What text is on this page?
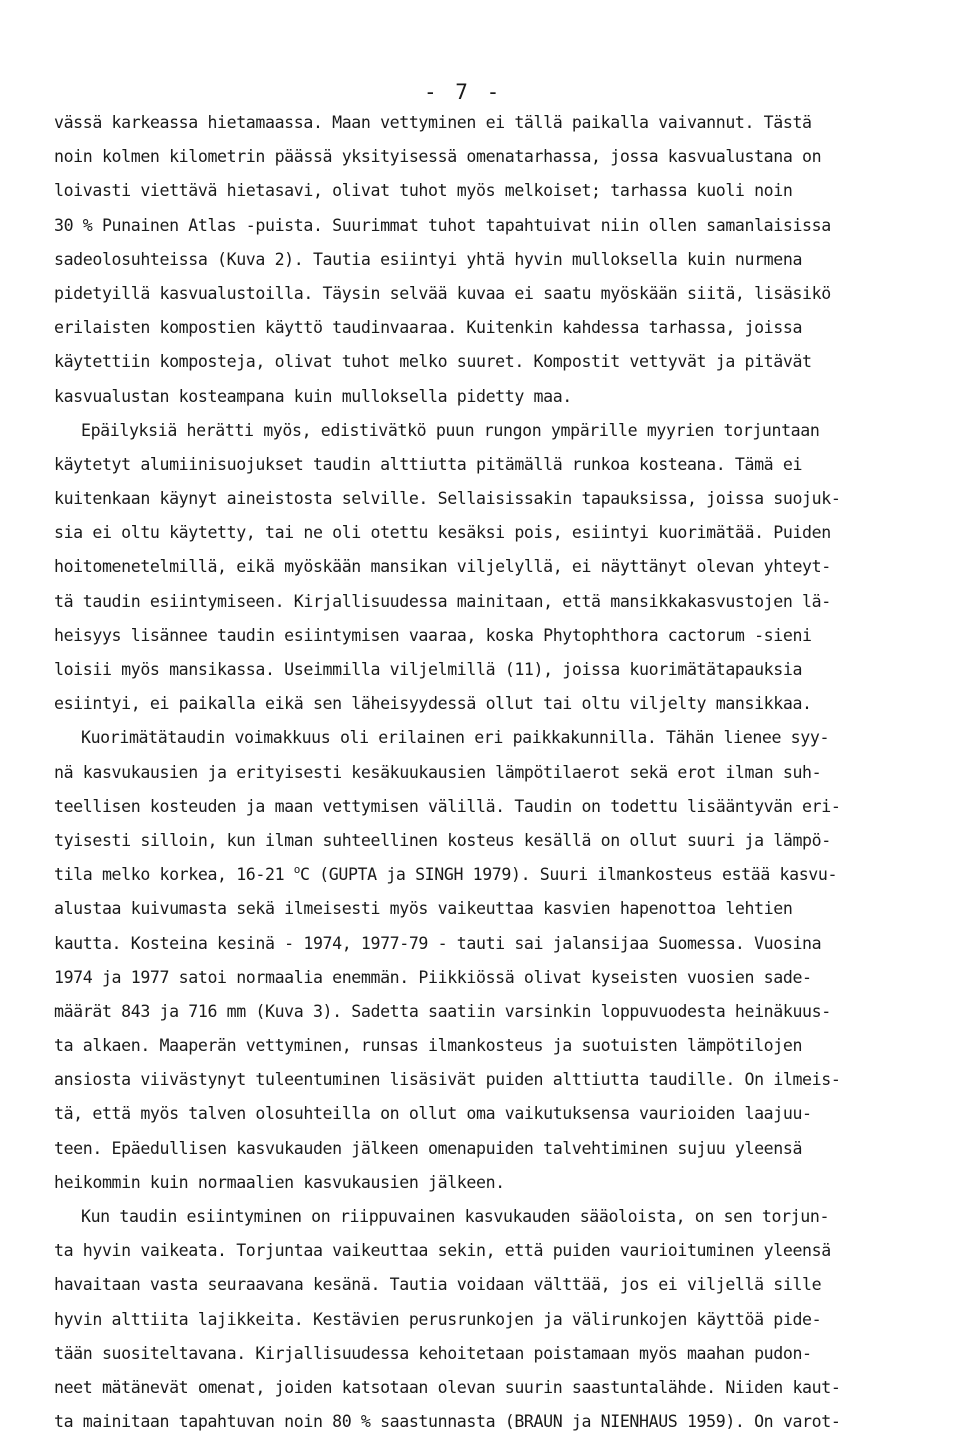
- 7 -
vässä karkeassa hietamaassa. Maan vettyminen ei tällä paikalla vaivannut. Tästä
noin kolmen kilometrin päässä yksityisessä omenatarhassa, jossa kasvualustana on
loivasti viettävä hietasavi, olivat tuhot myös melkoiset; tarhassa kuoli noin
30 % Punainen Atlas -puista. Suurimmat tuhot tapahtuivat niin ollen samanlaisissa
sadeolosuhteissa (Kuva 2). Tautia esiintyi yhtä hyvin mulloksella kuin nurmena
pidetyillä kasvualustoilla. Täysin selvää kuvaa ei saatu myöskään siitä, lisäsikö
erilaisten kompostien käyttö taudinvaaraa. Kuitenkin kahdessa tarhassa, joissa
käytettiin komposteja, olivat tuhot melko suuret. Kompostit vettyvät ja pitävät
kasvualustan kosteampana kuin mulloksella pidetty maa.
Epäilyksiä herätti myös, edistivätkö puun rungon ympärille myyrien torjuntaan
käytetyt alumiinisuojukset taudin alttiutta pitämällä runkoa kosteana. Tämä ei
kuitenkaan käynyt aineistosta selville. Sellaisissakin tapauksissa, joissa suojuk-
sia ei oltu käytetty, tai ne oli otettu kesäksi pois, esiintyi kuorimätää. Puiden
hoitomenetelmillä, eikä myöskään mansikan viljelyllä, ei näyttänyt olevan yhteyt-
tä taudin esiintymiseen. Kirjallisuudessa mainitaan, että mansikkakasvustojen lä-
heisyys lisännee taudin esiintymisen vaaraa, koska Phytophthora cactorum -sieni
loisii myös mansikassa. Useimmilla viljelmillä (11), joissa kuorimätätapauksia
esiintyi, ei paikalla eikä sen läheisyydessä ollut tai oltu viljelty mansikkaa.
Kuorimätätaudin voimakkuus oli erilainen eri paikkakunnilla. Tähän lienee syy-
nä kasvukausien ja erityisesti kesäkuukausien lämpötilaerot sekä erot ilman suh-
teellisen kosteuden ja maan vettymisen välillä. Taudin on todettu lisääntyvän eri-
tyisesti silloin, kun ilman suhteellinen kosteus kesällä on ollut suuri ja lämpö-
tila melko korkea, 16-21 $^o$C (GUPTA ja SINGH 1979). Suuri ilmankosteus estää kasvu-
alustaa kuivumasta sekä ilmeisesti myös vaikeuttaa kasvien hapenottoa lehtien
kautta. Kosteina kesinä - 1974, 1977-79 - tauti sai jalansijaa Suomessa. Vuosina
1974 ja 1977 satoi normaalia enemmän. Piikkiössä olivat kyseisten vuosien sade-
määrät 843 ja 716 mm (Kuva 3). Sadetta saatiin varsinkin loppuvuodesta heinäkuus-
ta alkaen. Maaperän vettyminen, runsas ilmankosteus ja suotuisten lämpötilojen
ansiosta viivästynyt tuleentuminen lisäsivät puiden alttiutta taudille. On ilmeis-
tä, että myös talven olosuhteilla on ollut oma vaikutuksensa vaurioiden laajuu-
teen. Epäedullisen kasvukauden jälkeen omenapuiden talvehtiminen sujuu yleensä
heikommin kuin normaalien kasvukausien jälkeen.
Kun taudin esiintyminen on riippuvainen kasvukauden sääoloista, on sen torjun-
ta hyvin vaikeata. Torjuntaa vaikeuttaa sekin, että puiden vaurioituminen yleensä
havaitaan vasta seuraavana kesänä. Tautia voidaan välttää, jos ei viljellä sille
hyvin alttiita lajikkeita. Kestävien perusrunkojen ja välirunkojen käyttöä pide-
tään suositeltavana. Kirjallisuudessa kehoitetaan poistamaan myös maahan pudon-
neet mätänevät omenat, joiden katsotaan olevan suurin saastuntalähde. Niiden kaut-
ta mainitaan tapahtuvan noin 80 % saastunnasta (BRAUN ja NIENHAUS 1959). On varot-
